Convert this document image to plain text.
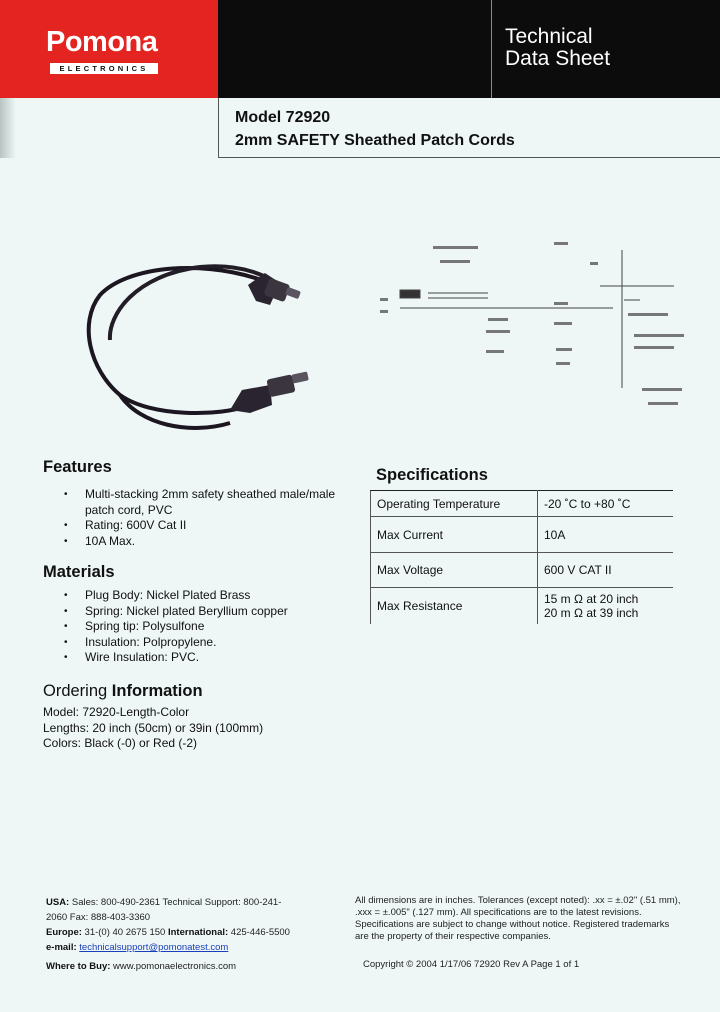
Pomona
ELECTRONICS
Technical
Data Sheet
Model 72920
2mm SAFETY Sheathed Patch Cords
Features
• Multi-stacking 2mm safety sheathed male/male
patch cord, PVC
• Rating: 600V Cat II
• 10A Max.
Materials
• Plug Body: Nickel Plated Brass
• Spring: Nickel plated Beryllium copper
• Spring tip: Polysulfone
• Insulation: Polpropylene.
• Wire Insulation: PVC.
Ordering Information
Model: 72920-Length-Color
Lengths: 20 inch (50cm) or 39in (100mm)
Colors: Black (-0) or Red (-2)
Specifications
Operating Temperature	-20 ˚C to +80 ˚C
Max Current	10A
Max Voltage	600 V CAT II
Max Resistance	15 m Ω at 20 inch
20 m Ω at 39 inch
USA: Sales: 800-490-2361 Technical Support: 800-241-
2060 Fax: 888-403-3360
Europe: 31-(0) 40 2675 150 International: 425-446-5500
e-mail: technicalsupport@pomonatest.com
Where to Buy: www.pomonaelectronics.com
All dimensions are in inches. Tolerances (except noted): .xx = ±.02" (.51 mm),
.xxx = ±.005" (.127 mm). All specifications are to the latest revisions.
Specifications are subject to change without notice. Registered trademarks
are the property of their respective companies.
Copyright © 2004 1/17/06 72920 Rev A Page 1 of 1
